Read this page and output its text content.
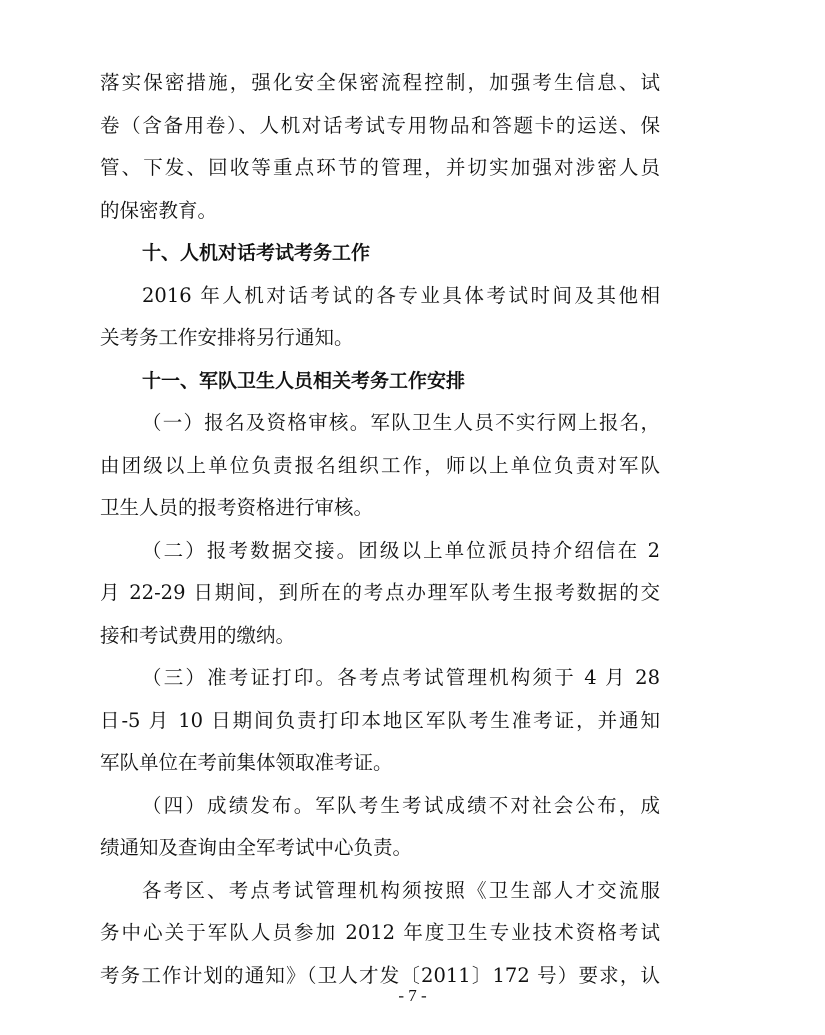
落实保密措施，强化安全保密流程控制，加强考生信息、试
卷（含备用卷）、人机对话考试专用物品和答题卡的运送、保
管、下发、回收等重点环节的管理，并切实加强对涉密人员
的保密教育。
十、人机对话考试考务工作
2016 年人机对话考试的各专业具体考试时间及其他相
关考务工作安排将另行通知。
十一、军队卫生人员相关考务工作安排
（一）报名及资格审核。军队卫生人员不实行网上报名，
由团级以上单位负责报名组织工作，师以上单位负责对军队
卫生人员的报考资格进行审核。
（二）报考数据交接。团级以上单位派员持介绍信在 2
月 22-29 日期间，到所在的考点办理军队考生报考数据的交
接和考试费用的缴纳。
（三）准考证打印。各考点考试管理机构须于 4 月 28
日-5 月 10 日期间负责打印本地区军队考生准考证，并通知
军队单位在考前集体领取准考证。
（四）成绩发布。军队考生考试成绩不对社会公布，成
绩通知及查询由全军考试中心负责。
各考区、考点考试管理机构须按照《卫生部人才交流服
务中心关于军队人员参加 2012 年度卫生专业技术资格考试
考务工作计划的通知》（卫人才发〔2011〕172 号）要求，认
- 7 -
